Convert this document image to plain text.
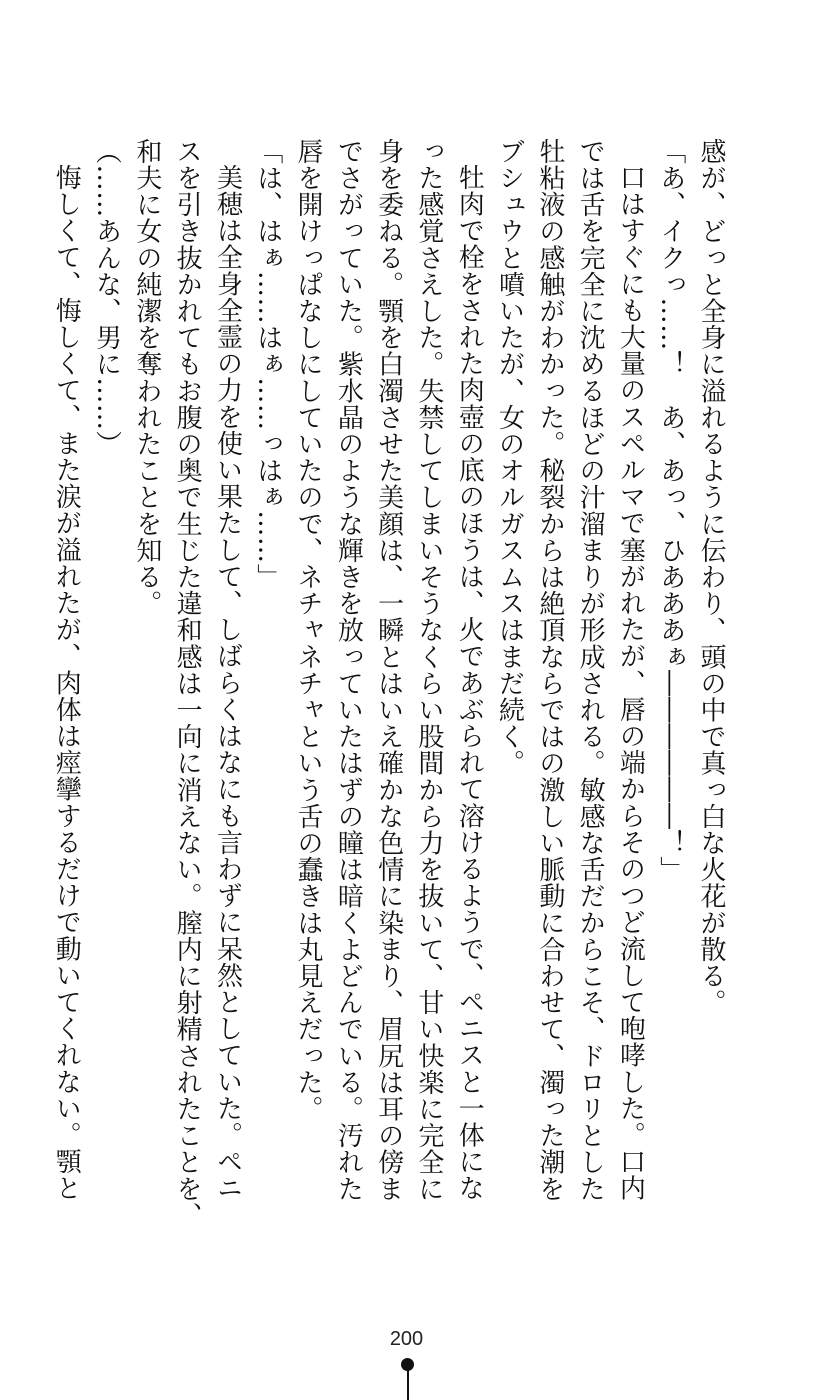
感が、どっと全身に溢れるように伝わり、頭の中で真っ白な火花が散る。
「あ、イクっ……！　あ、あっ、ひあああぁ――――――！」
口はすぐにも大量のスペルマで塞がれたが、唇の端からそのつど流して咆哮した。口内
では舌を完全に沈めるほどの汁溜まりが形成される。敏感な舌だからこそ、ドロリとした
牡粘液の感触がわかった。秘裂からは絶頂ならではの激しい脈動に合わせて、濁った潮を
ブシュウと噴いたが、女のオルガスムスはまだ続く。
牡肉で栓をされた肉壺の底のほうは、火であぶられて溶けるようで、ペニスと一体にな
った感覚さえした。失禁してしまいそうなくらい股間から力を抜いて、甘い快楽に完全に
身を委ねる。顎を白濁させた美顔は、一瞬とはいえ確かな色情に染まり、眉尻は耳の傍ま
でさがっていた。紫水晶のような輝きを放っていたはずの瞳は暗くよどんでいる。汚れた
唇を開けっぱなしにしていたので、ネチャネチャという舌の蠢きは丸見えだった。
「は、はぁ……はぁ……っはぁ……」
美穂は全身全霊の力を使い果たして、しばらくはなにも言わずに呆然としていた。ペニ
スを引き抜かれてもお腹の奥で生じた違和感は一向に消えない。膣内に射精されたことを、
和夫に女の純潔を奪われたことを知る。
（……あんな、男に……）
悔しくて、悔しくて、また涙が溢れたが、肉体は痙攣するだけで動いてくれない。顎と
200
